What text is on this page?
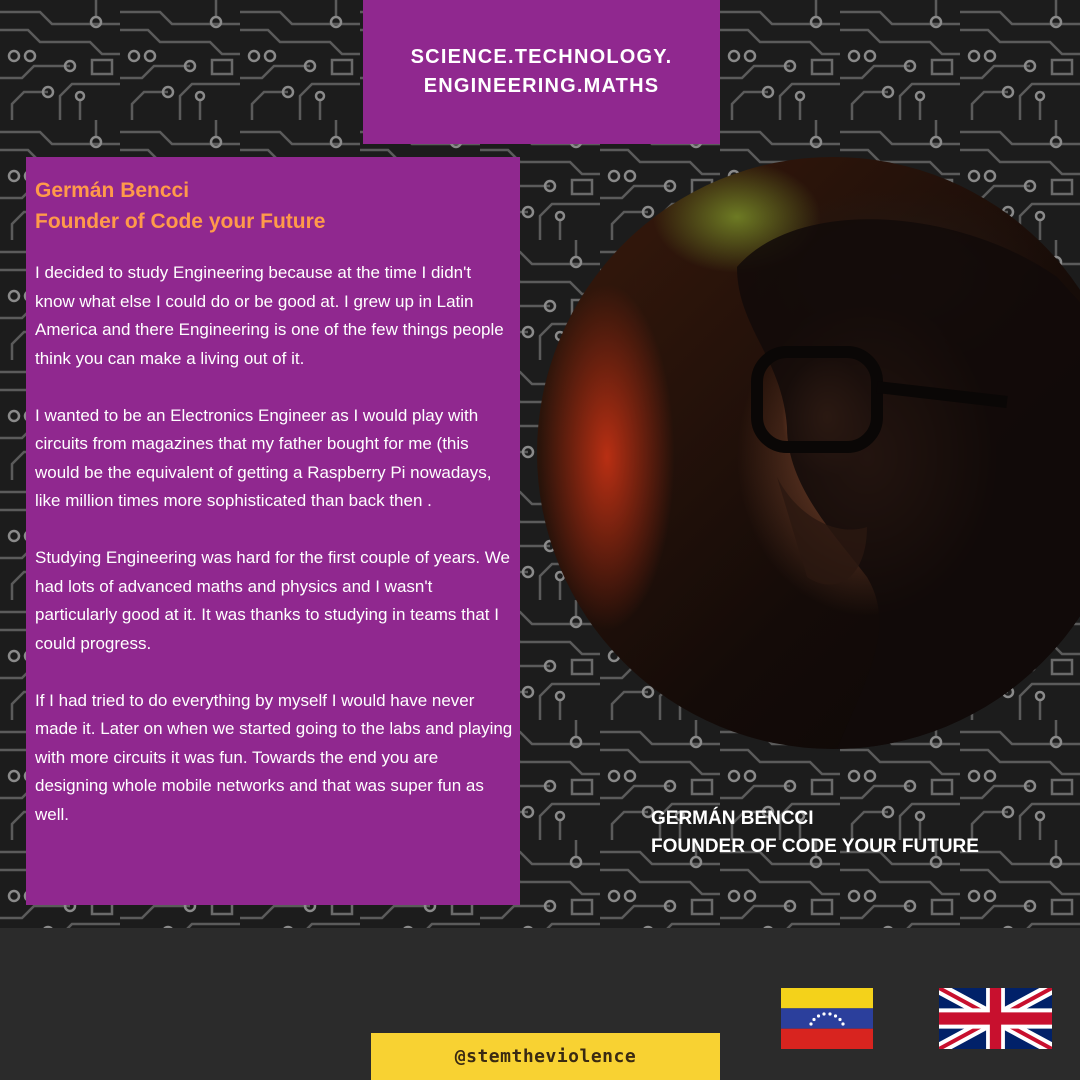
SCIENCE.TECHNOLOGY.
ENGINEERING.MATHS
Germán Bencci
Founder of Code your Future

I decided to study Engineering because at the time I didn't know what else I could do or be good at. I grew up in Latin America and there Engineering is one of the few things people think you can make a living out of it.

I wanted to be an Electronics Engineer as I would play with circuits from magazines that my father bought for me (this would be the equivalent of getting a Raspberry Pi nowadays, like million times more sophisticated than back then .

Studying Engineering was hard for the first couple of years. We had lots of advanced maths and physics and I wasn't particularly good at it. It was thanks to studying in teams that I could progress.

If I had tried to do everything by myself I would have never made it. Later on when we started going to the labs and playing with more circuits it was fun. Towards the end you are designing whole mobile networks and that was super fun as well.	GERMÁN BENCCI
FOUNDER OF CODE YOUR FUTURE
@stemtheviolence
